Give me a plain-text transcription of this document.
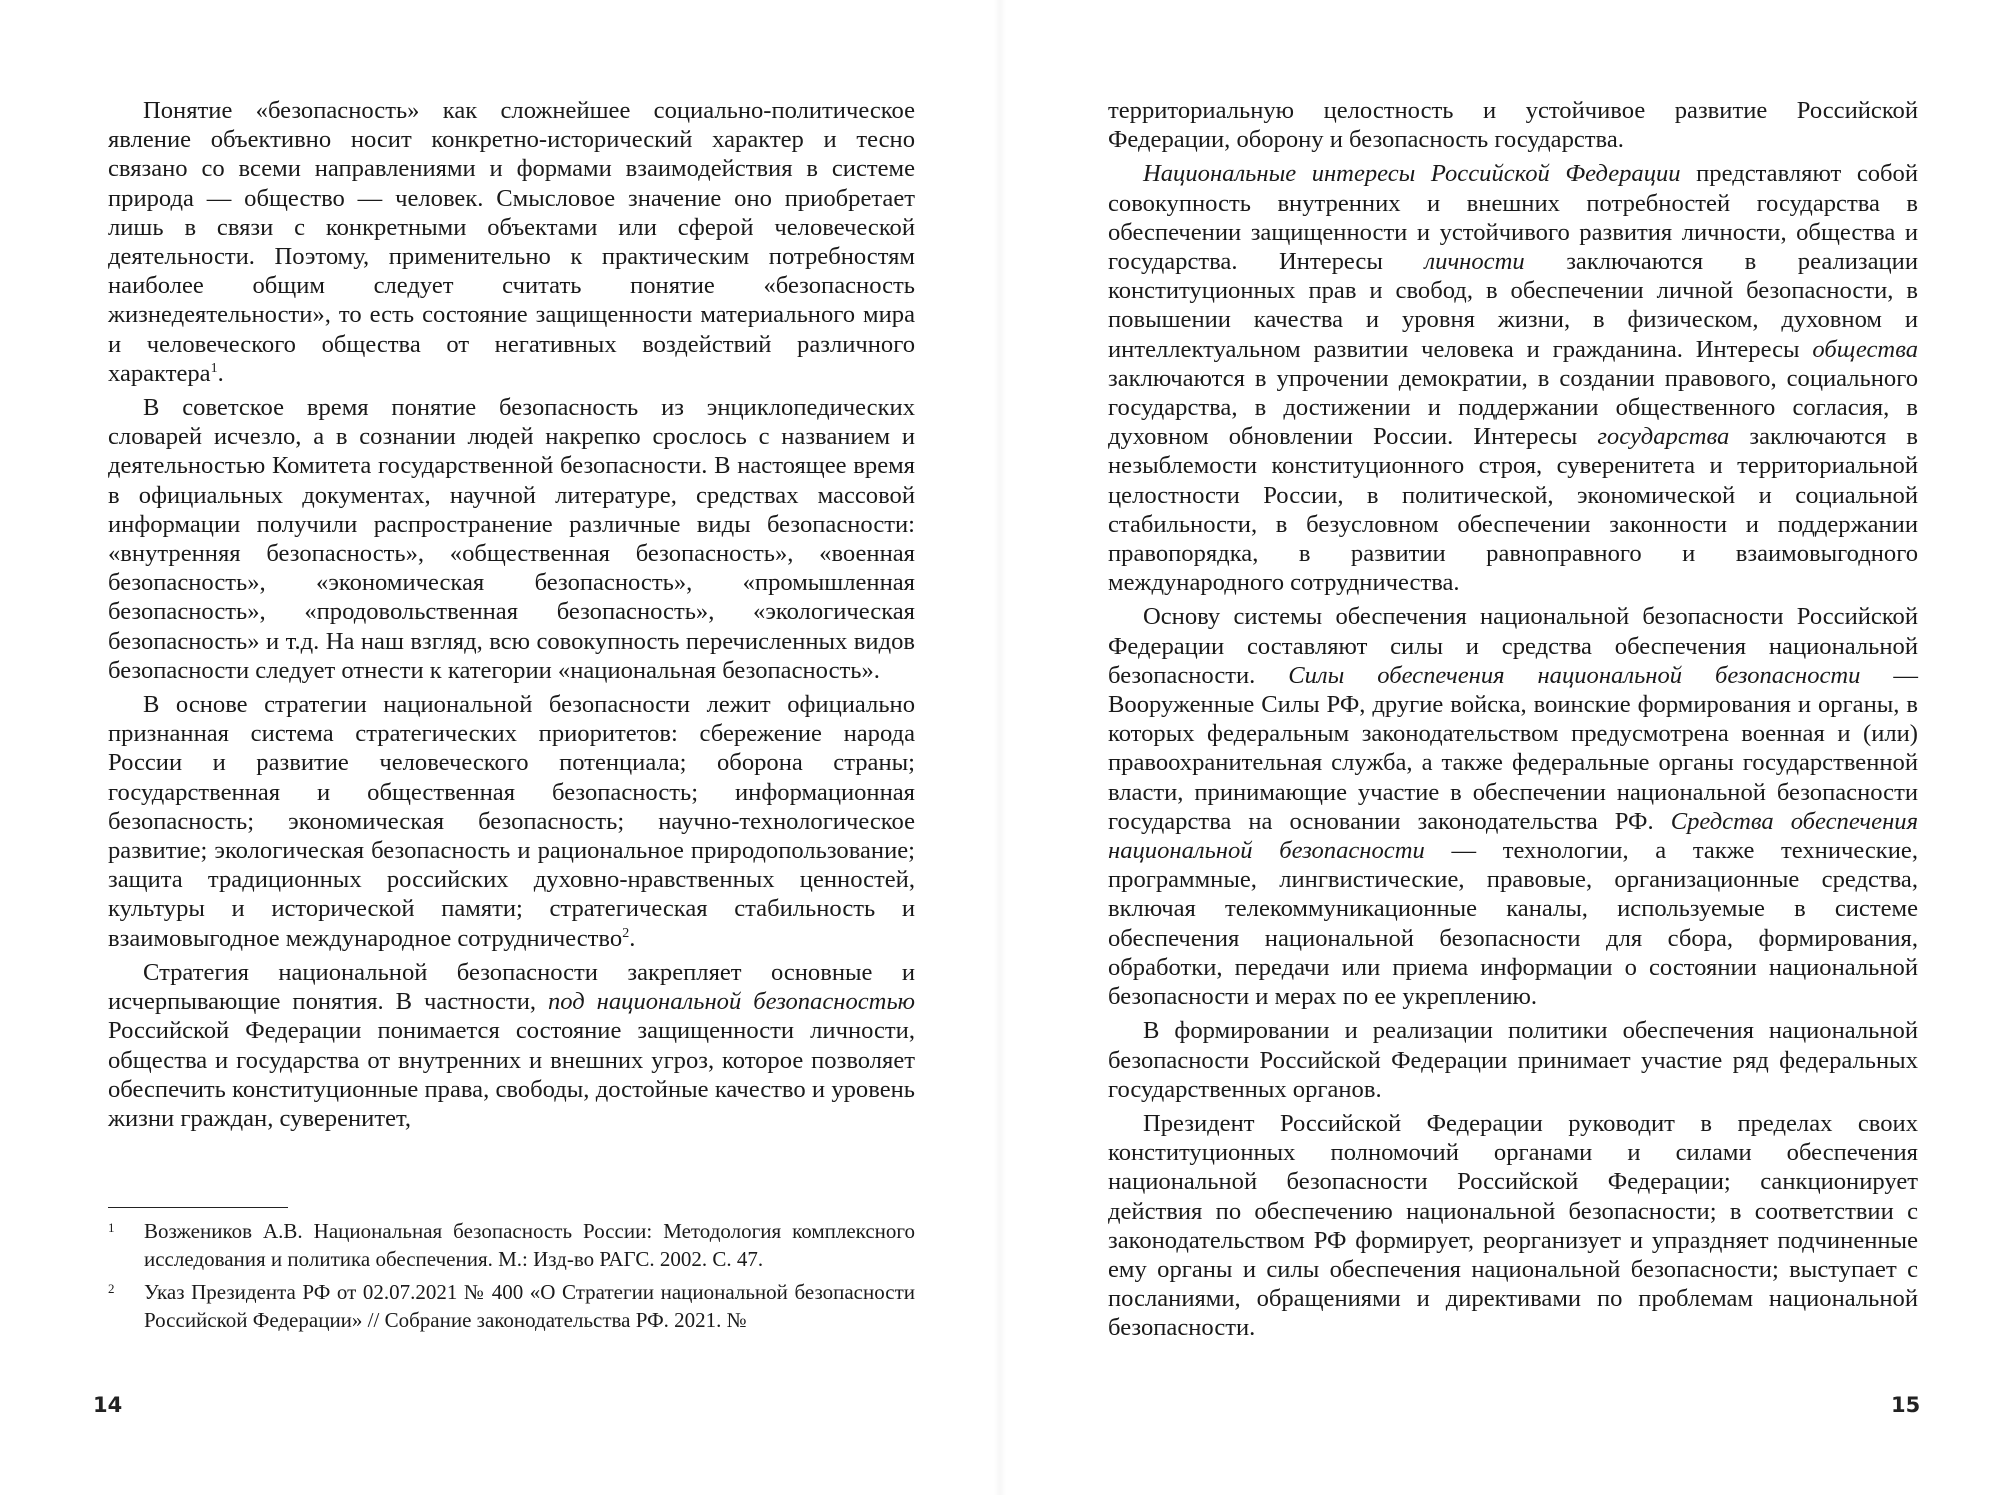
Понятие «безопасность» как сложнейшее социально-политическое явление объективно носит конкретно-исторический характер и тесно связано со всеми направлениями и формами взаимодействия в системе природа — общество — человек. Смысловое значение оно приобретает лишь в связи с конкретными объектами или сферой человеческой деятельности. Поэтому, применительно к практическим потребностям наиболее общим следует считать понятие «безопасность жизнедеятельности», то есть состояние защищенности материального мира и человеческого общества от негативных воздействий различного характера$^1$.

В советское время понятие безопасность из энциклопедических словарей исчезло, а в сознании людей накрепко срослось с названием и деятельностью Комитета государственной безопасности. В настоящее время в официальных документах, научной литературе, средствах массовой информации получили распространение различные виды безопасности: «внутренняя безопасность», «общественная безопасность», «военная безопасность», «экономическая безопасность», «промышленная безопасность», «продовольственная безопасность», «экологическая безопасность» и т.д. На наш взгляд, всю совокупность перечисленных видов безопасности следует отнести к категории «национальная безопасность».

В основе стратегии национальной безопасности лежит официально признанная система стратегических приоритетов: сбережение народа России и развитие человеческого потенциала; оборона страны; государственная и общественная безопасность; информационная безопасность; экономическая безопасность; научно-технологическое развитие; экологическая безопасность и рациональное природопользование; защита традиционных российских духовно-нравственных ценностей, культуры и исторической памяти; стратегическая стабильность и взаимовыгодное международное сотрудничество$^2$.

Стратегия национальной безопасности закрепляет основные и исчерпывающие понятия. В частности, под национальной безопасностью Российской Федерации понимается состояние защищенности личности, общества и государства от внутренних и внешних угроз, которое позволяет обеспечить конституционные права, свободы, достойные качество и уровень жизни граждан, суверенитет,

1	Возжеников А.В. Национальная безопасность России: Методология комплексного исследования и политика обеспечения. М.: Изд-во РАГС. 2002. С. 47.
2	Указ Президента РФ от 02.07.2021 № 400 «О Стратегии национальной безопасности Российской Федерации» // Собрание законодательства РФ. 2021. №
14

территориальную целостность и устойчивое развитие Российской Федерации, оборону и безопасность государства.

Национальные интересы Российской Федерации представляют собой совокупность внутренних и внешних потребностей государства в обеспечении защищенности и устойчивого развития личности, общества и государства. Интересы личности заключаются в реализации конституционных прав и свобод, в обеспечении личной безопасности, в повышении качества и уровня жизни, в физическом, духовном и интеллектуальном развитии человека и гражданина. Интересы общества заключаются в упрочении демократии, в создании правового, социального государства, в достижении и поддержании общественного согласия, в духовном обновлении России. Интересы государства заключаются в незыблемости конституционного строя, суверенитета и территориальной целостности России, в политической, экономической и социальной стабильности, в безусловном обеспечении законности и поддержании правопорядка, в развитии равноправного и взаимовыгодного международного сотрудничества.

Основу системы обеспечения национальной безопасности Российской Федерации составляют силы и средства обеспечения национальной безопасности. Силы обеспечения национальной безопасности — Вооруженные Силы РФ, другие войска, воинские формирования и органы, в которых федеральным законодательством предусмотрена военная и (или) правоохранительная служба, а также федеральные органы государственной власти, принимающие участие в обеспечении национальной безопасности государства на основании законодательства РФ. Средства обеспечения национальной безопасности — технологии, а также технические, программные, лингвистические, правовые, организационные средства, включая телекоммуникационные каналы, используемые в системе обеспечения национальной безопасности для сбора, формирования, обработки, передачи или приема информации о состоянии национальной безопасности и мерах по ее укреплению.

В формировании и реализации политики обеспечения национальной безопасности Российской Федерации принимает участие ряд федеральных государственных органов.

Президент Российской Федерации руководит в пределах своих конституционных полномочий органами и силами обеспечения национальной безопасности Российской Федерации; санкционирует действия по обеспечению национальной безопасности; в соответствии с законодательством РФ формирует, реорганизует и упраздняет подчиненные ему органы и силы обеспечения национальной безопасности; выступает с посланиями, обращениями и директивами по проблемам национальной безопасности.

15
